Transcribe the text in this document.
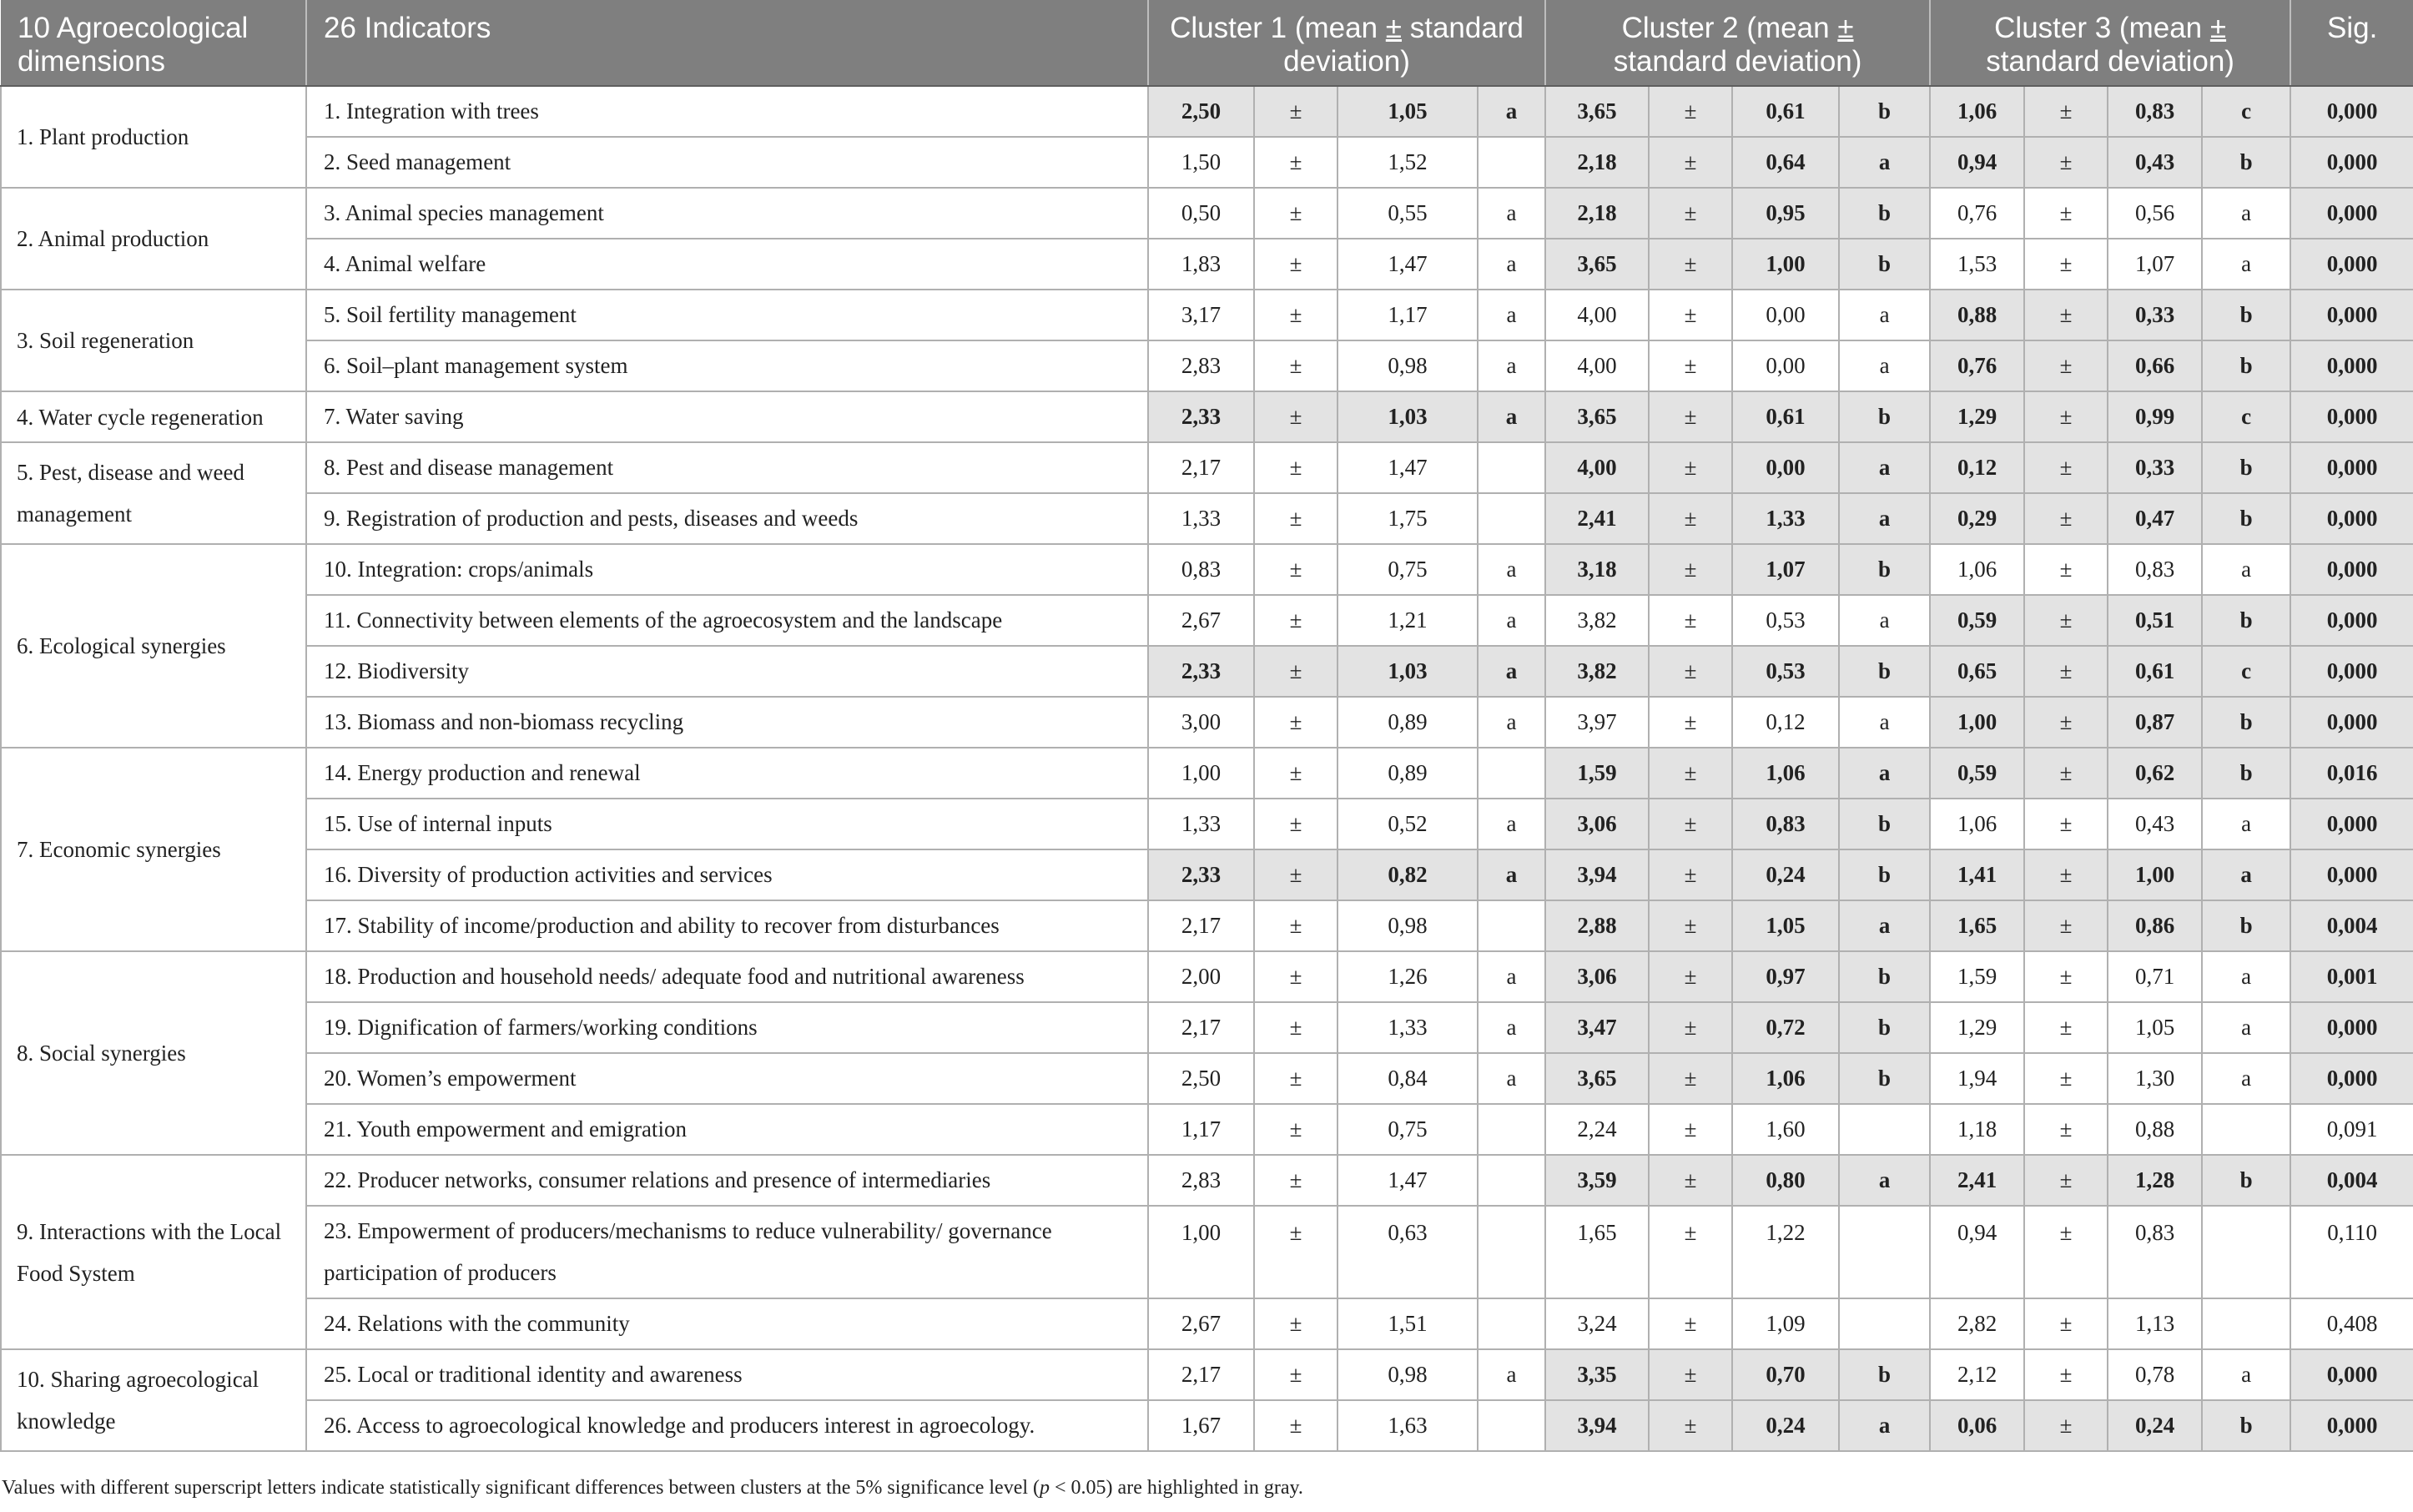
10 Agroecological dimensions	26 Indicators	Cluster 1 (mean ± standard deviation)				Cluster 2 (mean ± standard deviation)				Cluster 3 (mean ± standard deviation)				Sig.
1. Plant production	1. Integration with trees	2,50	±	1,05	a	3,65	±	0,61	b	1,06	±	0,83	c	0,000
	2. Seed management	1,50	±	1,52		2,18	±	0,64	a	0,94	±	0,43	b	0,000
2. Animal production	3. Animal species management	0,50	±	0,55	a	2,18	±	0,95	b	0,76	±	0,56	a	0,000
	4. Animal welfare	1,83	±	1,47	a	3,65	±	1,00	b	1,53	±	1,07	a	0,000
3. Soil regeneration	5. Soil fertility management	3,17	±	1,17	a	4,00	±	0,00	a	0,88	±	0,33	b	0,000
	6. Soil–plant management system	2,83	±	0,98	a	4,00	±	0,00	a	0,76	±	0,66	b	0,000
4. Water cycle regeneration	7. Water saving	2,33	±	1,03	a	3,65	±	0,61	b	1,29	±	0,99	c	0,000
5. Pest, disease and weed management	8. Pest and disease management	2,17	±	1,47		4,00	±	0,00	a	0,12	±	0,33	b	0,000
	9. Registration of production and pests, diseases and weeds	1,33	±	1,75		2,41	±	1,33	a	0,29	±	0,47	b	0,000
6. Ecological synergies	10. Integration: crops/animals	0,83	±	0,75	a	3,18	±	1,07	b	1,06	±	0,83	a	0,000
	11. Connectivity between elements of the agroecosystem and the landscape	2,67	±	1,21	a	3,82	±	0,53	a	0,59	±	0,51	b	0,000
	12. Biodiversity	2,33	±	1,03	a	3,82	±	0,53	b	0,65	±	0,61	c	0,000
	13. Biomass and non-biomass recycling	3,00	±	0,89	a	3,97	±	0,12	a	1,00	±	0,87	b	0,000
7. Economic synergies	14. Energy production and renewal	1,00	±	0,89		1,59	±	1,06	a	0,59	±	0,62	b	0,016
	15. Use of internal inputs	1,33	±	0,52	a	3,06	±	0,83	b	1,06	±	0,43	a	0,000
	16. Diversity of production activities and services	2,33	±	0,82	a	3,94	±	0,24	b	1,41	±	1,00	a	0,000
	17. Stability of income/production and ability to recover from disturbances	2,17	±	0,98		2,88	±	1,05	a	1,65	±	0,86	b	0,004
8. Social synergies	18. Production and household needs/ adequate food and nutritional awareness	2,00	±	1,26	a	3,06	±	0,97	b	1,59	±	0,71	a	0,001
	19. Dignification of farmers/working conditions	2,17	±	1,33	a	3,47	±	0,72	b	1,29	±	1,05	a	0,000
	20. Women’s empowerment	2,50	±	0,84	a	3,65	±	1,06	b	1,94	±	1,30	a	0,000
	21. Youth empowerment and emigration	1,17	±	0,75		2,24	±	1,60		1,18	±	0,88		0,091
9. Interactions with the Local Food System	22. Producer networks, consumer relations and presence of intermediaries	2,83	±	1,47		3,59	±	0,80	a	2,41	±	1,28	b	0,004
	23. Empowerment of producers/mechanisms to reduce vulnerability/ governance participation of producers	1,00	±	0,63		1,65	±	1,22		0,94	±	0,83		0,110
	24. Relations with the community	2,67	±	1,51		3,24	±	1,09		2,82	±	1,13		0,408
10. Sharing agroecological knowledge	25. Local or traditional identity and awareness	2,17	±	0,98	a	3,35	±	0,70	b	2,12	±	0,78	a	0,000
	26. Access to agroecological knowledge and producers interest in agroecology.	1,67	±	1,63		3,94	±	0,24	a	0,06	±	0,24	b	0,000
Values with different superscript letters indicate statistically significant differences between clusters at the 5% significance level (p < 0.05) are highlighted in gray.
